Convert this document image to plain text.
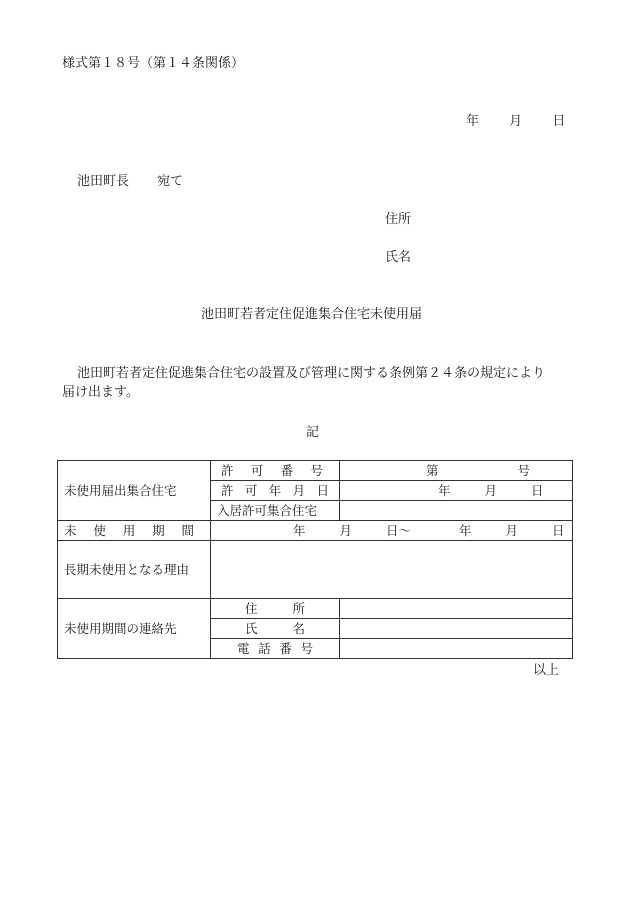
様式第１８号（第１４条関係）
年 月 日
池田町長 宛て
住所
氏名
池田町若者定住促進集合住宅未使用届
池田町若者定住促進集合住宅の設置及び管理に関する条例第２４条の規定により
届け出ます。
記
未使用届出集合住宅	許 可 番 号	第 号

	許 可 年 月 日	年 月 日
	入居許可集合住宅	

未 使 用 期 間	年 月 日～ 年 月 日	
長期未使用となる理由		
未使用期間の連絡先	住 所	

	氏 名	

	電 話 番 号	

以上
